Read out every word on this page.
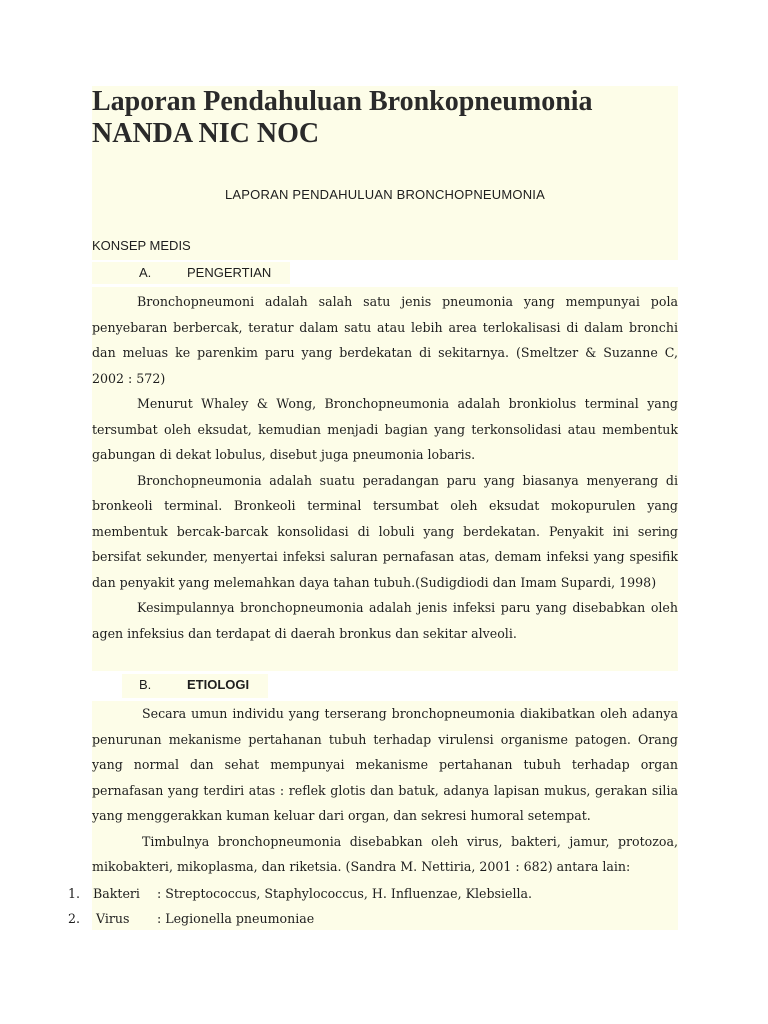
Laporan Pendahuluan Bronkopneumonia NANDA NIC NOC
LAPORAN PENDAHULUAN BRONCHOPNEUMONIA
KONSEP MEDIS
A.	PENGERTIAN

Bronchopneumoni adalah salah satu jenis pneumonia yang mempunyai pola penyebaran berbercak, teratur dalam satu atau lebih area terlokalisasi di dalam bronchi dan meluas ke parenkim paru yang berdekatan di sekitarnya. (Smeltzer & Suzanne C, 2002 : 572)

Menurut Whaley & Wong, Bronchopneumonia adalah bronkiolus terminal yang tersumbat oleh eksudat, kemudian menjadi bagian yang terkonsolidasi atau membentuk gabungan di dekat lobulus, disebut juga pneumonia lobaris.

Bronchopneumonia adalah suatu peradangan paru yang biasanya menyerang di bronkeoli terminal. Bronkeoli terminal tersumbat oleh eksudat mokopurulen yang membentuk bercak-barcak konsolidasi di lobuli yang berdekatan. Penyakit ini sering bersifat sekunder, menyertai infeksi saluran pernafasan atas, demam infeksi yang spesifik dan penyakit yang melemahkan daya tahan tubuh.(Sudigdiodi dan Imam Supardi, 1998)

Kesimpulannya bronchopneumonia adalah jenis infeksi paru yang disebabkan oleh agen infeksius dan terdapat di daerah bronkus dan sekitar alveoli.

B.	ETIOLOGI

Secara umun individu yang terserang bronchopneumonia diakibatkan oleh adanya penurunan mekanisme pertahanan tubuh terhadap virulensi organisme patogen. Orang yang normal dan sehat mempunyai mekanisme pertahanan tubuh terhadap organ pernafasan yang terdiri atas : reflek glotis dan batuk, adanya lapisan mukus, gerakan silia yang menggerakkan kuman keluar dari organ, dan sekresi humoral setempat.

Timbulnya bronchopneumonia disebabkan oleh virus, bakteri, jamur, protozoa, mikobakteri, mikoplasma, dan riketsia. (Sandra M. Nettiria, 2001 : 682) antara lain:

1. Bakteri : Streptococcus, Staphylococcus, H. Influenzae, Klebsiella.
2. Virus : Legionella pneumoniae
